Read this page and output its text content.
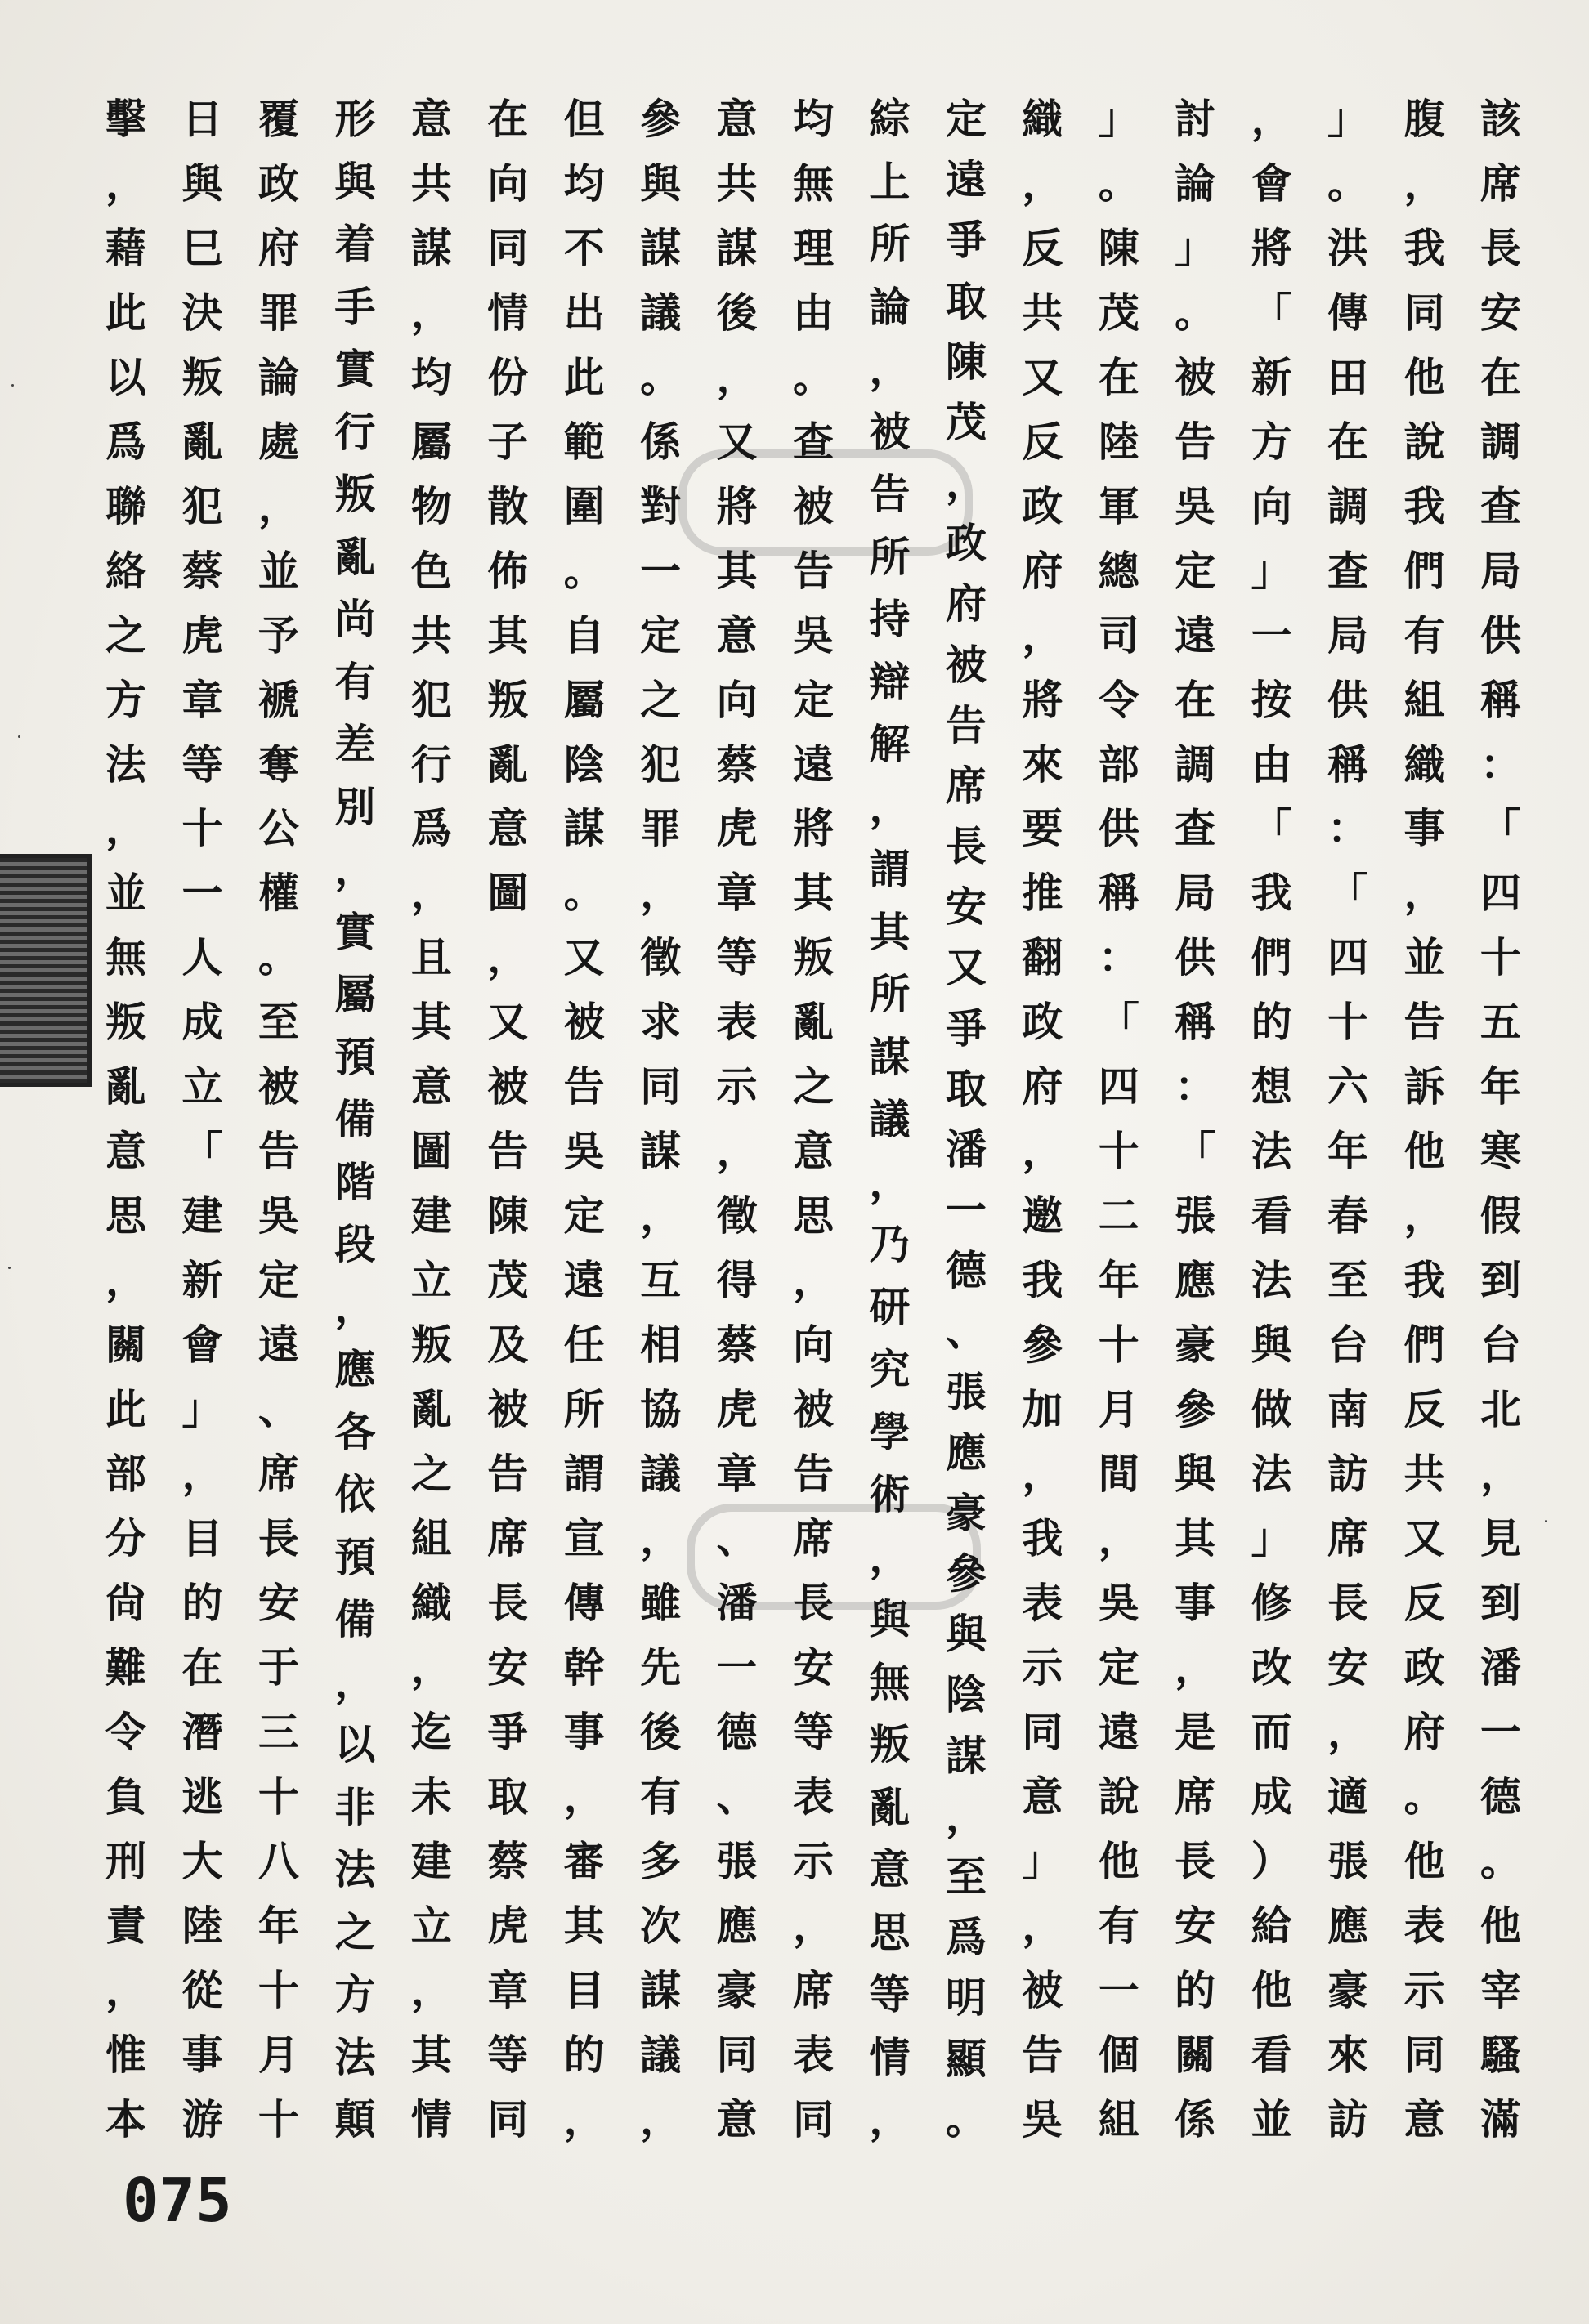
該
席
長
安
在
調
查
局
供
稱
：
「
四
十
五
年
寒
假
到
台
北
，
見
到
潘
一
德
。
他
宰
騷
滿
腹
，
我
同
他
說
我
們
有
組
織
事
，
並
告
訴
他
，
我
們
反
共
又
反
政
府
。
他
表
示
同
意
」
。
洪
傳
田
在
調
查
局
供
稱
：
「
四
十
六
年
春
至
台
南
訪
席
長
安
，
適
張
應
豪
來
訪
，
會
將
「
新
方
向
」
一
按
由
「
我
們
的
想
法
看
法
與
做
法
」
修
改
而
成
）
給
他
看
並
討
論
」
。
被
告
吳
定
遠
在
調
查
局
供
稱
：
「
張
應
豪
參
與
其
事
，
是
席
長
安
的
關
係
」
。
陳
茂
在
陸
軍
總
司
令
部
供
稱
：
「
四
十
二
年
十
月
間
，
吳
定
遠
說
他
有
一
個
組
織
，
反
共
又
反
政
府
，
將
來
要
推
翻
政
府
，
邀
我
參
加
，
我
表
示
同
意
」
，
被
告
吳
定
遠
爭
取
陳
茂
，
政
府
被
告
席
長
安
又
爭
取
潘
一
德
、
張
應
豪
參
與
陰
謀
，
至
爲
明
顯
。
綜
上
所
論
，
被
告
所
持
辯
解
，
謂
其
所
謀
議
，
乃
研
究
學
術
，
與
無
叛
亂
意
思
等
情
，
均
無
理
由
。
查
被
告
吳
定
遠
將
其
叛
亂
之
意
思
，
向
被
告
席
長
安
等
表
示
，
席
表
同
意
共
謀
後
，
又
將
其
意
向
蔡
虎
章
等
表
示
，
徵
得
蔡
虎
章
、
潘
一
德
、
張
應
豪
同
意
參
與
謀
議
。
係
對
一
定
之
犯
罪
，
徵
求
同
謀
，
互
相
協
議
，
雖
先
後
有
多
次
謀
議
，
但
均
不
出
此
範
圍
。
自
屬
陰
謀
。
又
被
告
吳
定
遠
任
所
謂
宣
傳
幹
事
，
審
其
目
的
，
在
向
同
情
份
子
散
佈
其
叛
亂
意
圖
，
又
被
告
陳
茂
及
被
告
席
長
安
爭
取
蔡
虎
章
等
同
意
共
謀
，
均
屬
物
色
共
犯
行
爲
，
且
其
意
圖
建
立
叛
亂
之
組
織
，
迄
未
建
立
，
其
情
形
與
着
手
實
行
叛
亂
尚
有
差
別
，
實
屬
預
備
階
段
，
應
各
依
預
備
，
以
非
法
之
方
法
顛
覆
政
府
罪
論
處
，
並
予
褫
奪
公
權
。
至
被
告
吳
定
遠
、
席
長
安
于
三
十
八
年
十
月
十
日
與
巳
決
叛
亂
犯
蔡
虎
章
等
十
一
人
成
立
「
建
新
會
」
，
目
的
在
潛
逃
大
陸
從
事
游
擊
，
藉
此
以
爲
聯
絡
之
方
法
，
並
無
叛
亂
意
思
，
關
此
部
分
尙
難
令
負
刑
責
，
惟
本
075
